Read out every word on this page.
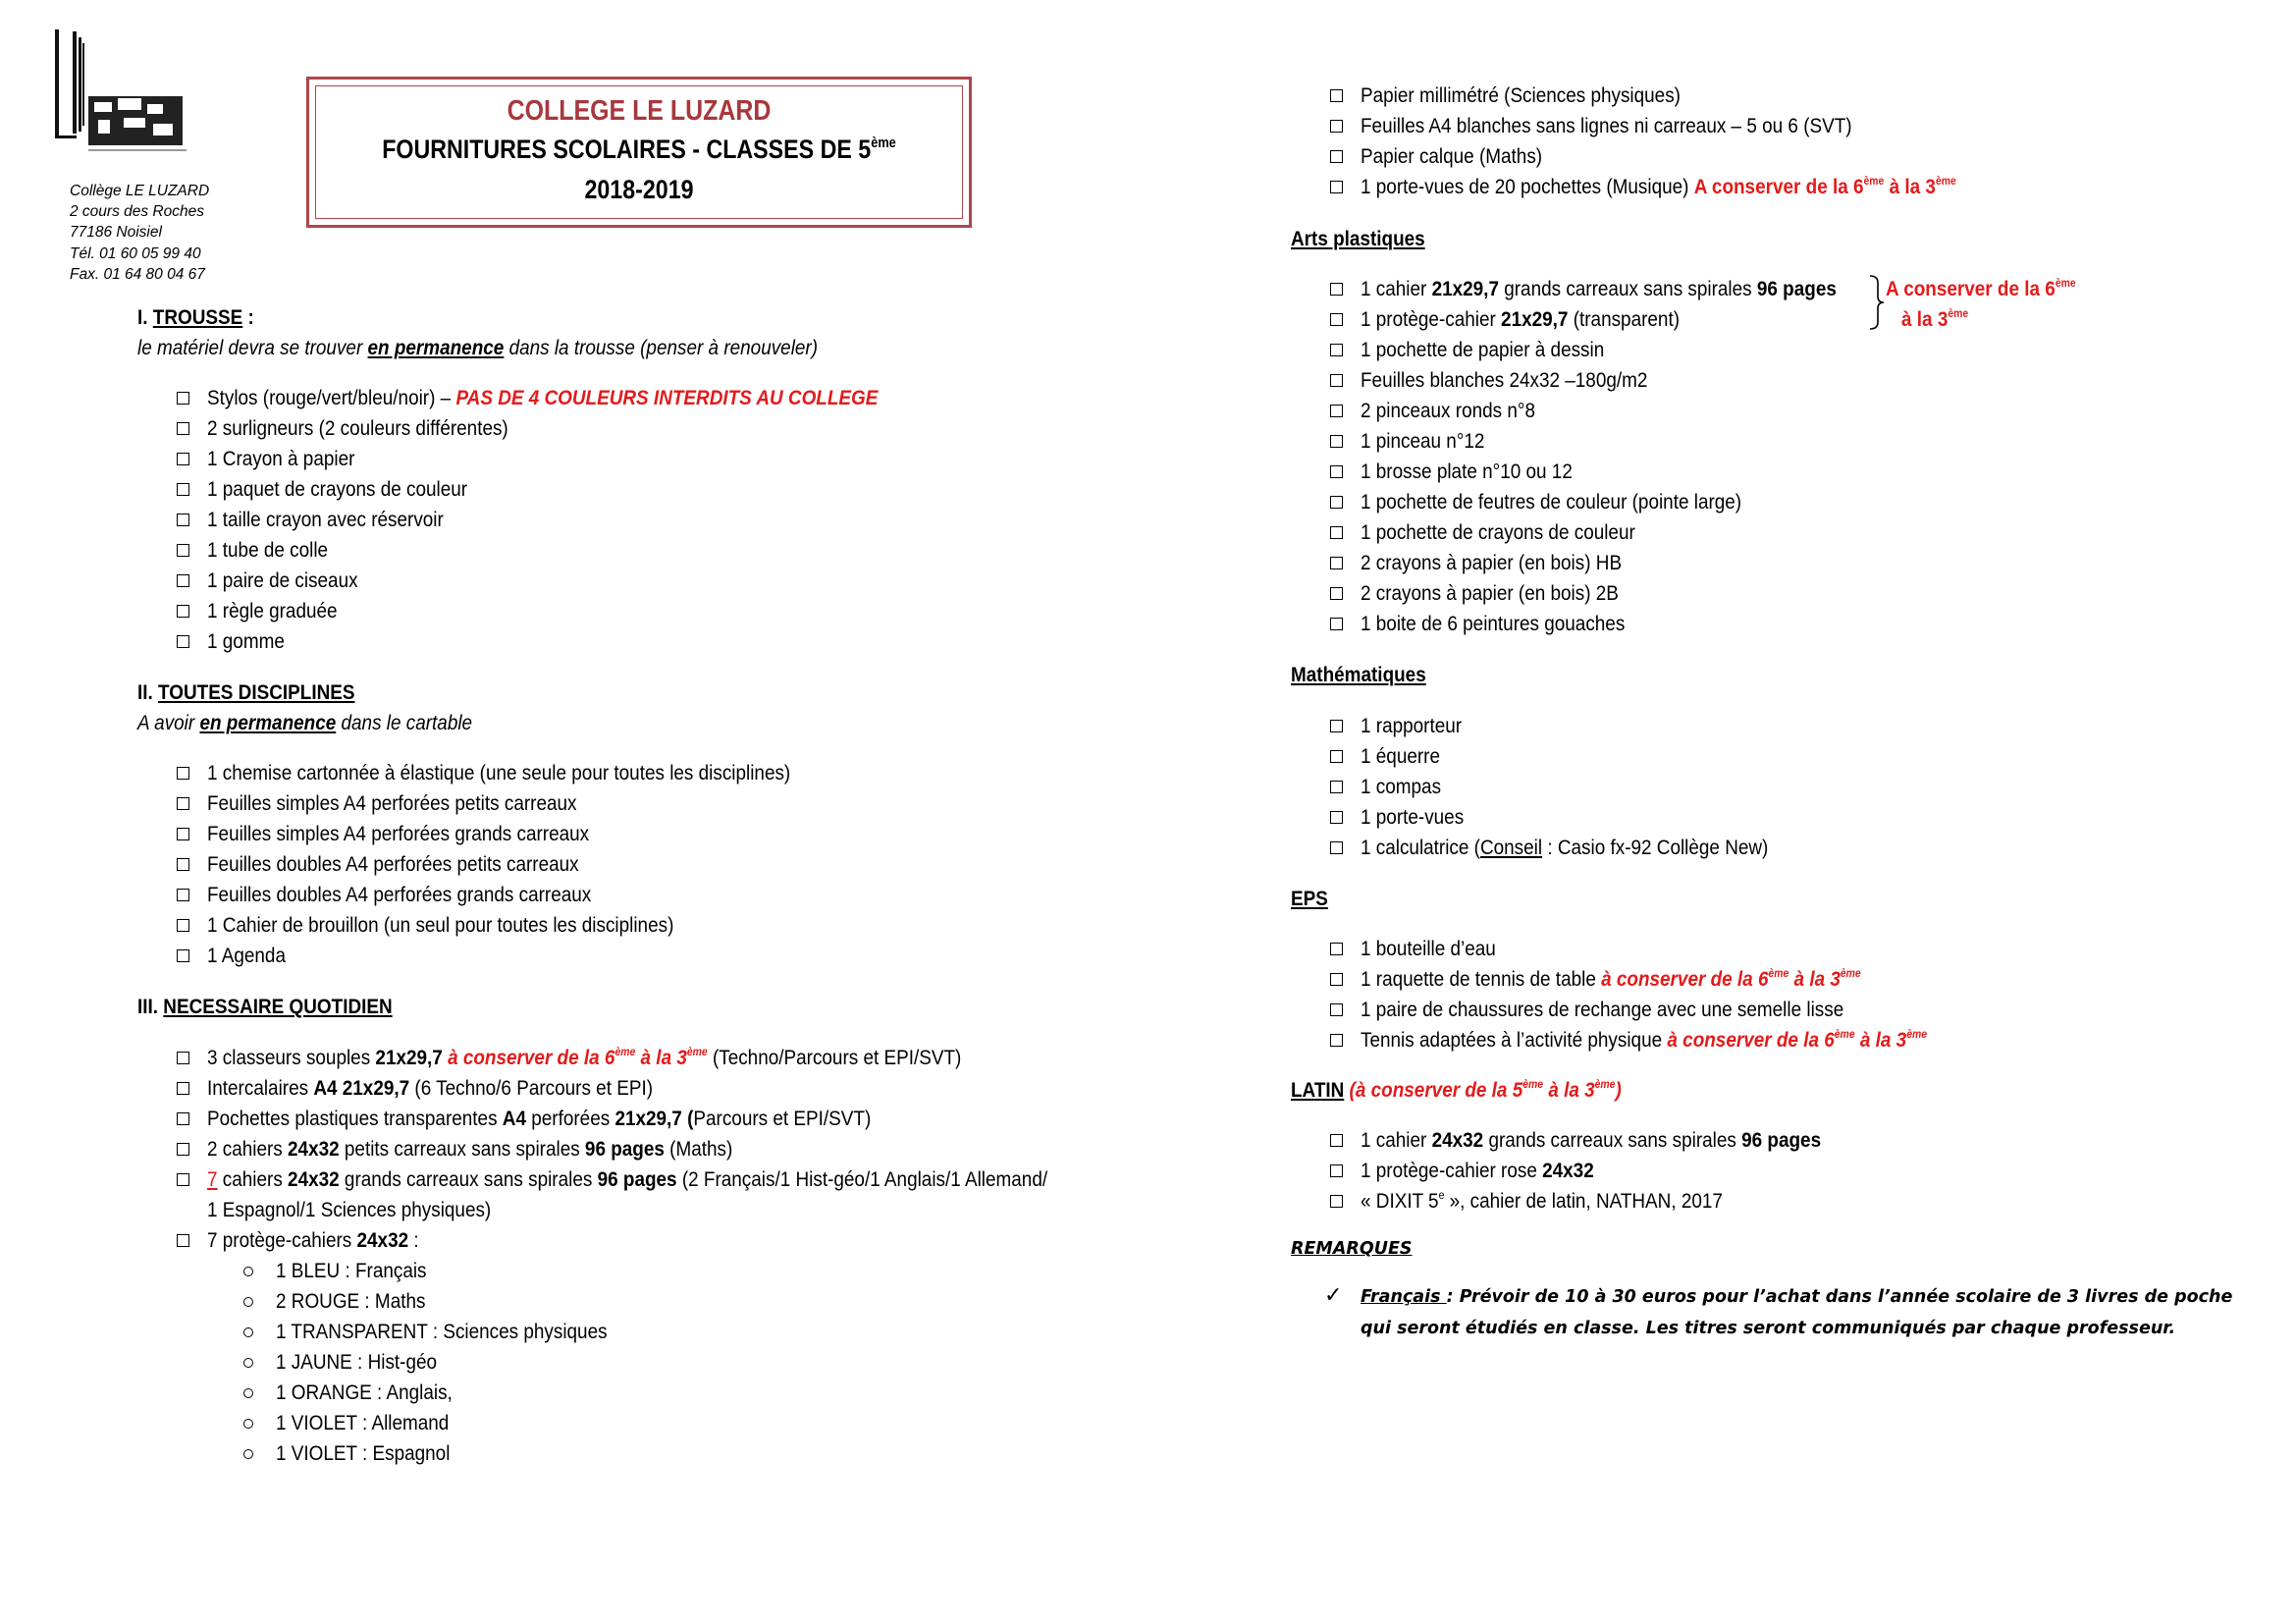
Collège LE LUZARD
2 cours des Roches
77186 Noisiel
Tél. 01 60 05 99 40
Fax. 01 64 80 04 67
COLLEGE LE LUZARD
FOURNITURES SCOLAIRES - CLASSES DE 5ème
2018-2019
I. TROUSSE :
le matériel devra se trouver en permanence dans la trousse (penser à renouveler)
Stylos (rouge/vert/bleu/noir) – PAS DE 4 COULEURS INTERDITS AU COLLEGE
2 surligneurs (2 couleurs différentes)
1 Crayon à papier
1 paquet de crayons de couleur
1 taille crayon avec réservoir
1 tube de colle
1 paire de ciseaux
1 règle graduée
1 gomme
II. TOUTES DISCIPLINES
A avoir en permanence dans le cartable
1 chemise cartonnée à élastique (une seule pour toutes les disciplines)
Feuilles simples A4 perforées petits carreaux
Feuilles simples A4 perforées grands carreaux
Feuilles doubles A4 perforées petits carreaux
Feuilles doubles A4 perforées grands carreaux
1 Cahier de brouillon (un seul pour toutes les disciplines)
1 Agenda
III. NECESSAIRE QUOTIDIEN
3 classeurs souples 21x29,7 à conserver de la 6ème à la 3ème (Techno/Parcours et EPI/SVT)
Intercalaires A4 21x29,7 (6 Techno/6 Parcours et EPI)
Pochettes plastiques transparentes A4 perforées 21x29,7 (Parcours et EPI/SVT)
2 cahiers 24x32 petits carreaux sans spirales 96 pages (Maths)
7 cahiers 24x32 grands carreaux sans spirales 96 pages (2 Français/1 Hist-géo/1 Anglais/1 Allemand/
1 Espagnol/1 Sciences physiques)
7 protège-cahiers 24x32 :
1 BLEU : Français
2 ROUGE : Maths
1 TRANSPARENT : Sciences physiques
1 JAUNE : Hist-géo
1 ORANGE : Anglais,
1 VIOLET : Allemand
1 VIOLET : Espagnol
Papier millimétré (Sciences physiques)
Feuilles A4 blanches sans lignes ni carreaux – 5 ou 6 (SVT)
Papier calque (Maths)
1 porte-vues de 20 pochettes (Musique) A conserver de la 6ème à la 3ème
Arts plastiques
1 cahier 21x29,7 grands carreaux sans spirales 96 pages
1 protège-cahier 21x29,7 (transparent)
A conserver de la 6ème
à la 3ème
1 pochette de papier à dessin
Feuilles blanches 24x32 –180g/m2
2 pinceaux ronds n°8
1 pinceau n°12
1 brosse plate n°10 ou 12
1 pochette de feutres de couleur (pointe large)
1 pochette de crayons de couleur
2 crayons à papier (en bois) HB
2 crayons à papier (en bois) 2B
1 boite de 6 peintures gouaches
Mathématiques
1 rapporteur
1 équerre
1 compas
1 porte-vues
1 calculatrice (Conseil : Casio fx-92 Collège New)
EPS
1 bouteille d’eau
1 raquette de tennis de table à conserver de la 6ème à la 3ème
1 paire de chaussures de rechange avec une semelle lisse
Tennis adaptées à l’activité physique à conserver de la 6ème à la 3ème
LATIN (à conserver de la 5ème à la 3ème)
1 cahier 24x32 grands carreaux sans spirales 96 pages
1 protège-cahier rose 24x32
« DIXIT 5e », cahier de latin, NATHAN, 2017
REMARQUES
✓ Français : Prévoir de 10 à 30 euros pour l’achat dans l’année scolaire de 3 livres de poche
qui seront étudiés en classe. Les titres seront communiqués par chaque professeur.
